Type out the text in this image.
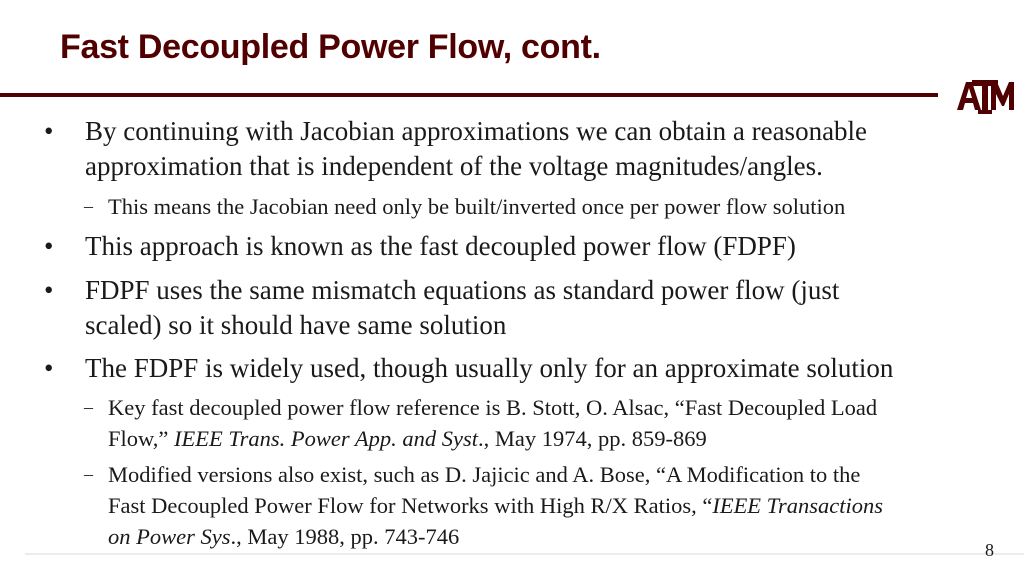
Fast Decoupled Power Flow, cont.
• By continuing with Jacobian approximations we can obtain a reasonable
approximation that is independent of the voltage magnitudes/angles.
– This means the Jacobian need only be built/inverted once per power flow solution
• This approach is known as the fast decoupled power flow (FDPF)
• FDPF uses the same mismatch equations as standard power flow (just
scaled) so it should have same solution
• The FDPF is widely used, though usually only for an approximate solution
– Key fast decoupled power flow reference is B. Stott, O. Alsac, “Fast Decoupled Load
Flow,” IEEE Trans. Power App. and Syst., May 1974, pp. 859-869
– Modified versions also exist, such as D. Jajicic and A. Bose, “A Modification to the
Fast Decoupled Power Flow for Networks with High R/X Ratios, “IEEE Transactions
on Power Sys., May 1988, pp. 743-746
8
